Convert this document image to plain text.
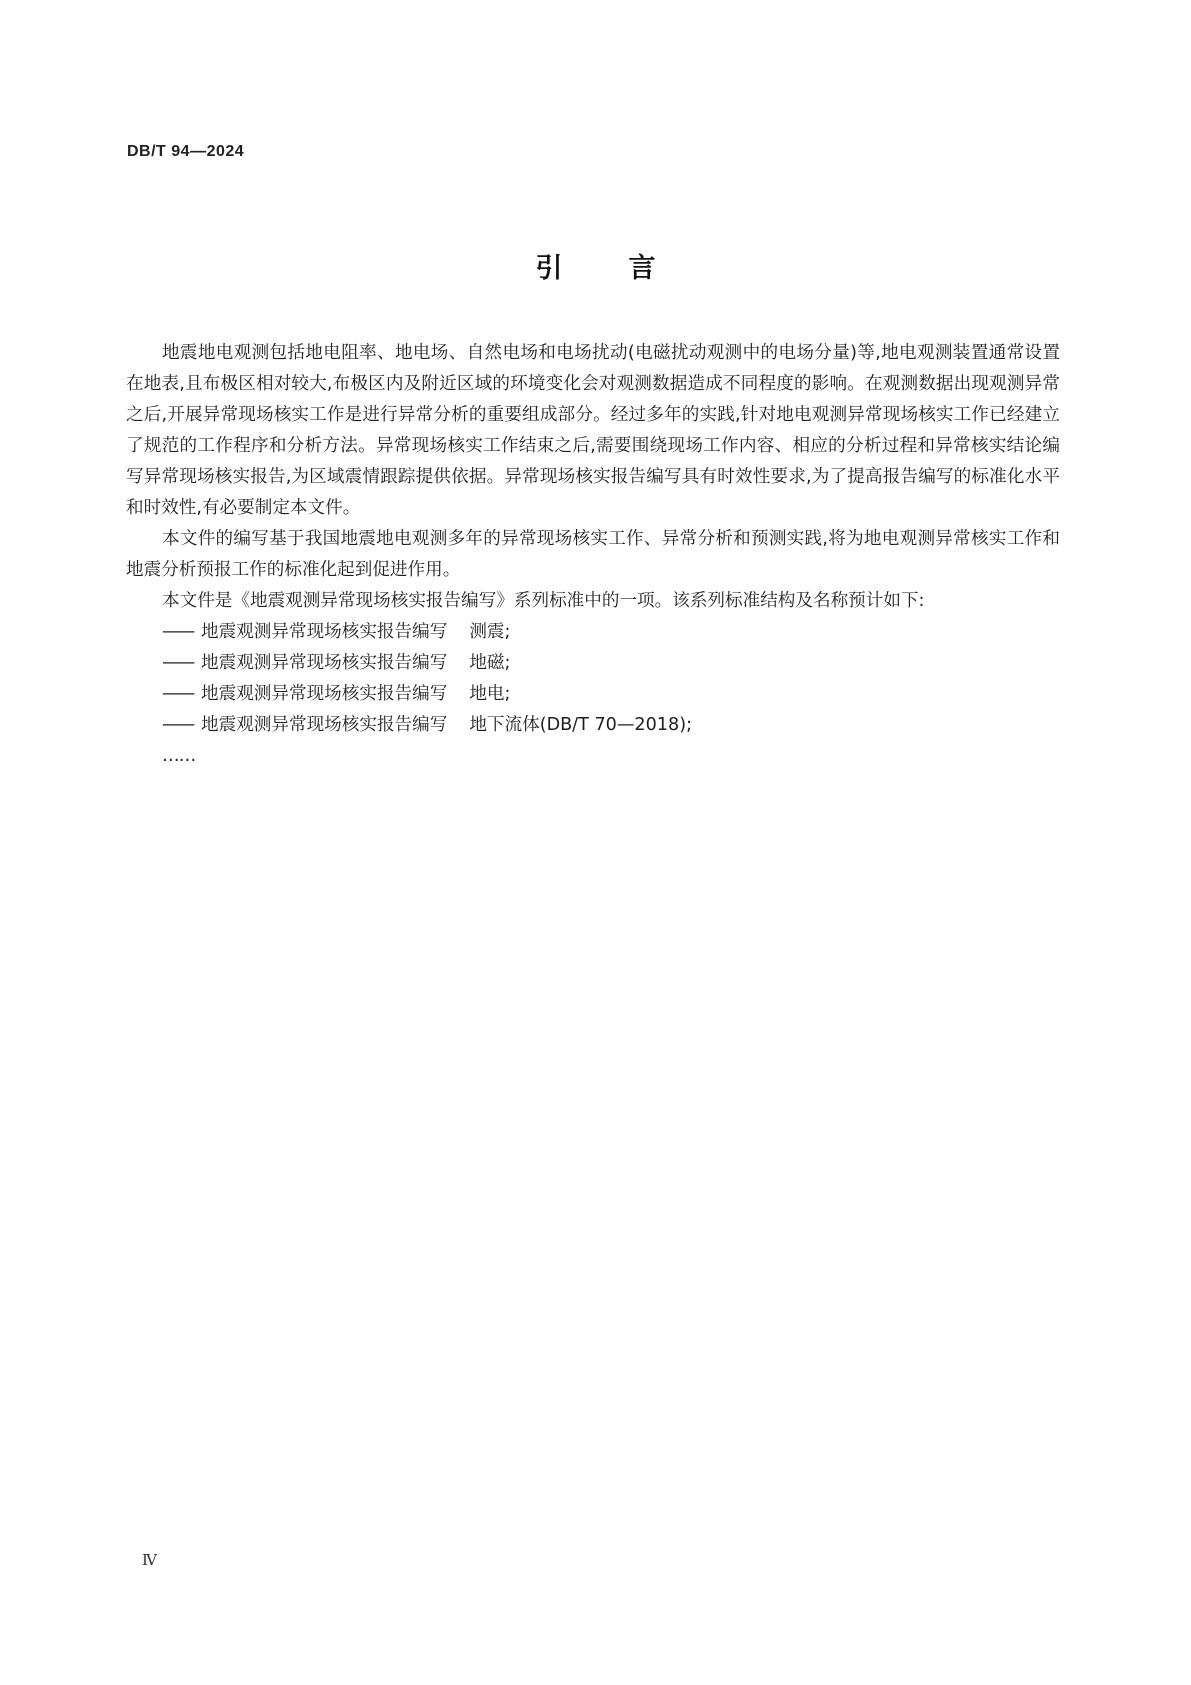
DB/T 94—2024
引言

地震地电观测包括地电阻率、地电场、自然电场和电场扰动(电磁扰动观测中的电场分量)等,地电观测装置通常设置在地表,且布极区相对较大,布极区内及附近区域的环境变化会对观测数据造成不同程度的影响。在观测数据出现观测异常之后,开展异常现场核实工作是进行异常分析的重要组成部分。经过多年的实践,针对地电观测异常现场核实工作已经建立了规范的工作程序和分析方法。异常现场核实工作结束之后,需要围绕现场工作内容、相应的分析过程和异常核实结论编写异常现场核实报告,为区域震情跟踪提供依据。异常现场核实报告编写具有时效性要求,为了提高报告编写的标准化水平和时效性,有必要制定本文件。

本文件的编写基于我国地震地电观测多年的异常现场核实工作、异常分析和预测实践,将为地电观测异常核实工作和地震分析预报工作的标准化起到促进作用。

本文件是《地震观测异常现场核实报告编写》系列标准中的一项。该系列标准结构及名称预计如下:

—— 地震观测异常现场核实报告编写 测震;
—— 地震观测异常现场核实报告编写 地磁;
—— 地震观测异常现场核实报告编写 地电;
—— 地震观测异常现场核实报告编写 地下流体(DB/T 70—2018);
……
Ⅳ
